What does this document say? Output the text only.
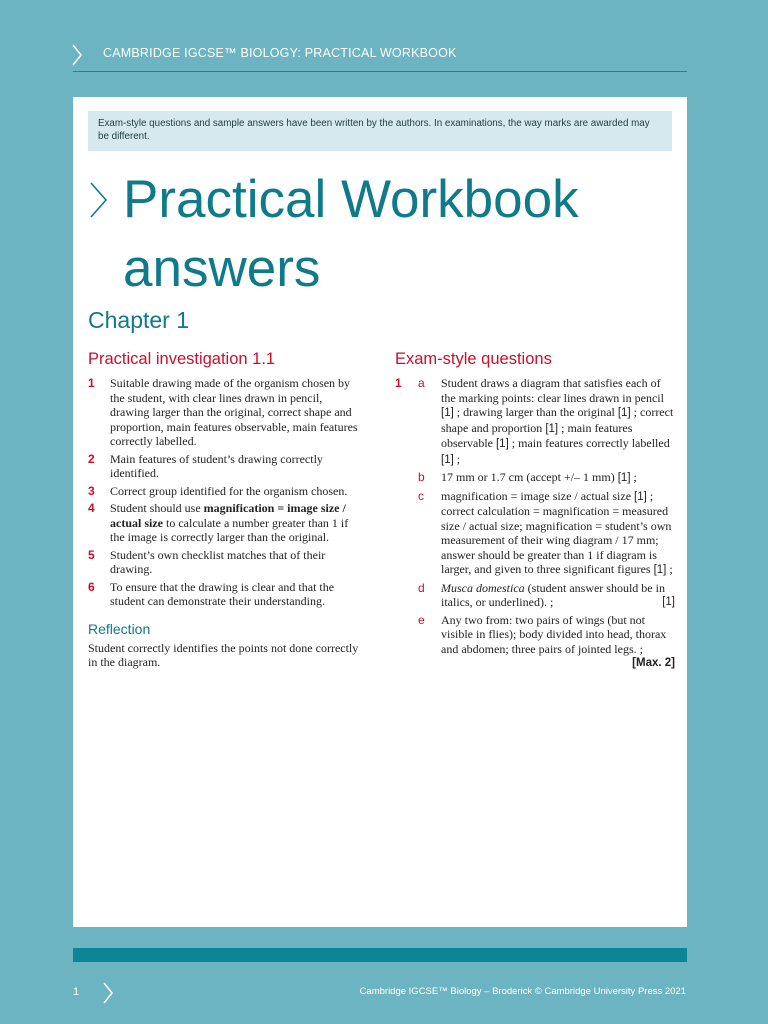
CAMBRIDGE IGCSE™ BIOLOGY: PRACTICAL WORKBOOK
Exam-style questions and sample answers have been written by the authors. In examinations, the way marks are awarded may be different.
Practical Workbook
answers
Chapter 1
Practical investigation 1.1
1 Suitable drawing made of the organism chosen by the student, with clear lines drawn in pencil, drawing larger than the original, correct shape and proportion, main features observable, main features correctly labelled.
2 Main features of student’s drawing correctly identified.
3 Correct group identified for the organism chosen.
4 Student should use magnification = image size / actual size to calculate a number greater than 1 if the image is correctly larger than the original.
5 Student’s own checklist matches that of their drawing.
6 To ensure that the drawing is clear and that the student can demonstrate their understanding.
Reflection

Student correctly identifies the points not done correctly in the diagram.

Exam-style questions
1 a Student draws a diagram that satisfies each of the marking points: clear lines drawn in pencil [1] ; drawing larger than the original [1] ; correct shape and proportion [1] ; main features observable [1] ; main features correctly labelled [1] ;
b 17 mm or 1.7 cm (accept +/– 1 mm) [1] ;
c magnification = image size / actual size [1] ; correct calculation = magnification = measured size / actual size; magnification = student’s own measurement of their wing diagram / 17 mm; answer should be greater than 1 if diagram is larger, and given to three significant figures [1] ;
d Musca domestica (student answer should be in italics, or underlined). ;	[1]
e Any two from: two pairs of wings (but not visible in flies); body divided into head, thorax and abdomen; three pairs of jointed legs. ;
[Max. 2]
1	Cambridge IGCSE™ Biology – Broderick © Cambridge University Press 2021
